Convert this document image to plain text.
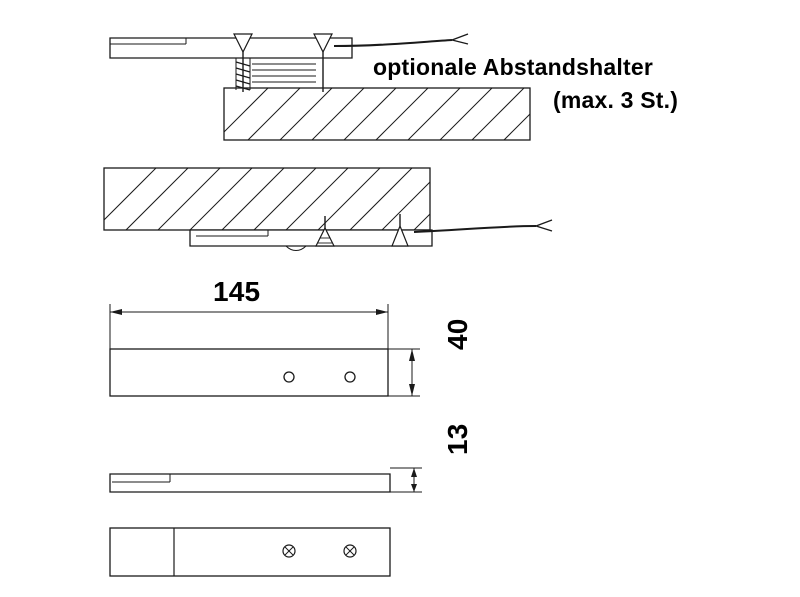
optionale Abstandshalter
(max. 3 St.)
145
40
13
